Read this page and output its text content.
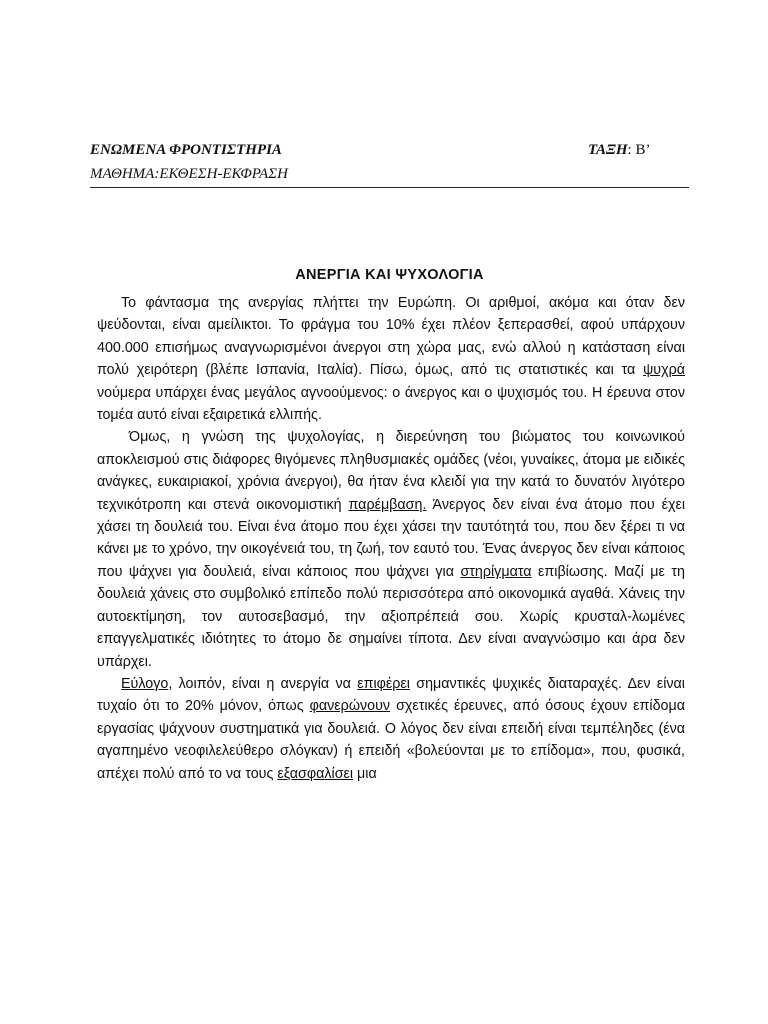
ΕΝΩΜΕΝΑ ΦΡΟΝΤΙΣΤΗΡΙΑ	ΤΑΞΗ: Β’
ΜΑΘΗΜΑ:ΕΚΘΕΣΗ-ΕΚΦΡΑΣΗ
ΑΝΕΡΓΙΑ ΚΑΙ ΨΥΧΟΛΟΓΙΑ

Το φάντασμα της ανεργίας πλήττει την Ευρώπη. Οι αριθμοί, ακόμα και όταν δεν ψεύδονται, είναι αμείλικτοι. Το φράγμα του 10% έχει πλέον ξεπερασθεί, αφού υπάρχουν 400.000 επισήμως αναγνωρισμένοι άνεργοι στη χώρα μας, ενώ αλλού η κατάσταση είναι πολύ χειρότερη (βλέπε Ισπανία, Ιταλία). Πίσω, όμως, από τις στατιστικές και τα ψυχρά νούμερα υπάρχει ένας μεγάλος αγνοούμενος: ο άνεργος και ο ψυχισμός του. Η έρευνα στον τομέα αυτό είναι εξαιρετικά ελλιπής.

Όμως, η γνώση της ψυχολογίας, η διερεύνηση του βιώματος του κοινωνικού αποκλεισμού στις διάφορες θιγόμενες πληθυσμιακές ομάδες (νέοι, γυναίκες, άτομα με ειδικές ανάγκες, ευκαιριακοί, χρόνια άνεργοι), θα ήταν ένα κλειδί για την κατά το δυνατόν λιγότερο τεχνικότροπη και στενά οικονομιστική παρέμβαση. Άνεργος δεν είναι ένα άτομο που έχει χάσει τη δουλειά του. Είναι ένα άτομο που έχει χάσει την ταυτότητά του, που δεν ξέρει τι να κάνει με το χρόνο, την οικογένειά του, τη ζωή, τον εαυτό του. Ένας άνεργος δεν είναι κάποιος που ψάχνει για δουλειά, είναι κάποιος που ψάχνει για στηρίγματα επιβίωσης. Μαζί με τη δουλειά χάνεις στο συμβολικό επίπεδο πολύ περισσότερα από οικονομικά αγαθά. Χάνεις την αυτοεκτίμηση, τον αυτοσεβασμό, την αξιοπρέπειά σου. Χωρίς κρυσταλ-λωμένες επαγγελματικές ιδιότητες το άτομο δε σημαίνει τίποτα. Δεν είναι αναγνώσιμο και άρα δεν υπάρχει.

Εύλογο, λοιπόν, είναι η ανεργία να επιφέρει σημαντικές ψυχικές διαταραχές. Δεν είναι τυχαίο ότι το 20% μόνον, όπως φανερώνουν σχετικές έρευνες, από όσους έχουν επίδομα εργασίας ψάχνουν συστηματικά για δουλειά. Ο λόγος δεν είναι επειδή είναι τεμπέληδες (ένα αγαπημένο νεοφιλελεύθερο σλόγκαν) ή επειδή «βολεύονται με το επίδομα», που, φυσικά, απέχει πολύ από το να τους εξασφαλίσει μια
